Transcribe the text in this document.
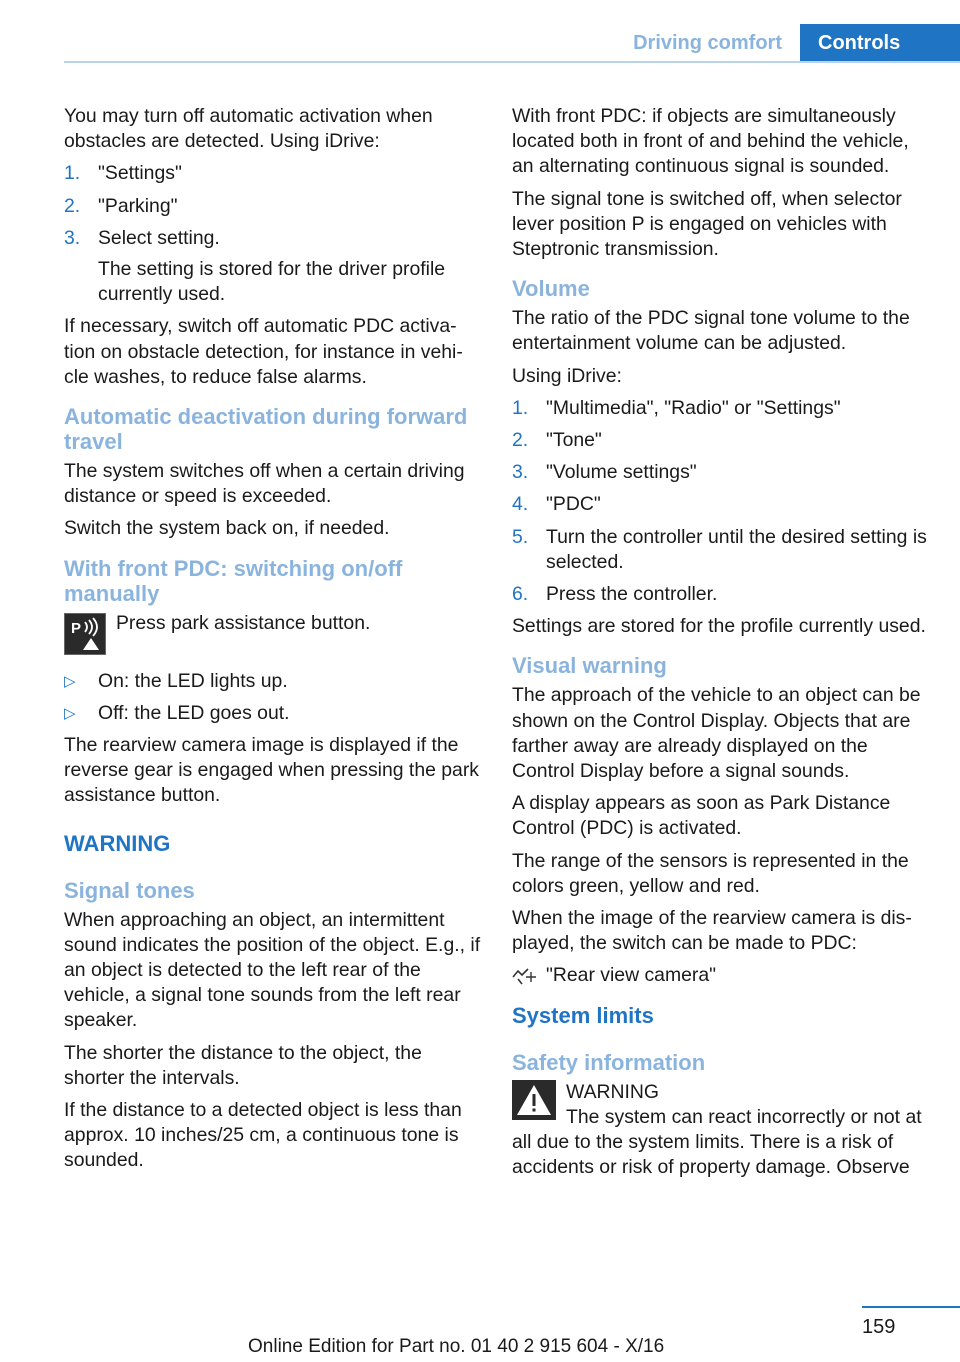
Driving comfort	Controls

You may turn off automatic activation when obstacles are detected. Using iDrive:

1. "Settings"
2. "Parking"
3. Select setting.
The setting is stored for the driver profile currently used.

If necessary, switch off automatic PDC activa-tion on obstacle detection, for instance in vehi-cle washes, to reduce false alarms.

Automatic deactivation during forward travel

The system switches off when a certain driving distance or speed is exceeded.

Switch the system back on, if needed.

With front PDC: switching on/off manually
P	Press park assistance button.
▷ On: the LED lights up.
▷ Off: the LED goes out.

The rearview camera image is displayed if the reverse gear is engaged when pressing the park assistance button.

WARNING
Signal tones

When approaching an object, an intermittent sound indicates the position of the object. E.g., if an object is detected to the left rear of the vehicle, a signal tone sounds from the left rear speaker.

The shorter the distance to the object, the shorter the intervals.

If the distance to a detected object is less than approx. 10 inches/25 cm, a continuous tone is sounded.

With front PDC: if objects are simultaneously located both in front of and behind the vehicle, an alternating continuous signal is sounded.

The signal tone is switched off, when selector lever position P is engaged on vehicles with Steptronic transmission.

Volume

The ratio of the PDC signal tone volume to the entertainment volume can be adjusted.

Using iDrive:

1. "Multimedia", "Radio" or "Settings"
2. "Tone"
3. "Volume settings"
4. "PDC"
5. Turn the controller until the desired setting is selected.
6. Press the controller.

Settings are stored for the profile currently used.

Visual warning

The approach of the vehicle to an object can be shown on the Control Display. Objects that are farther away are already displayed on the Control Display before a signal sounds.

A display appears as soon as Park Distance Control (PDC) is activated.

The range of the sensors is represented in the colors green, yellow and red.

When the image of the rearview camera is dis-played, the switch can be made to PDC:

"Rear view camera"
System limits
Safety information
WARNING
The system can react incorrectly or not at all due to the system limits. There is a risk of accidents or risk of property damage. Observe
159
Online Edition for Part no. 01 40 2 915 604 - X/16
